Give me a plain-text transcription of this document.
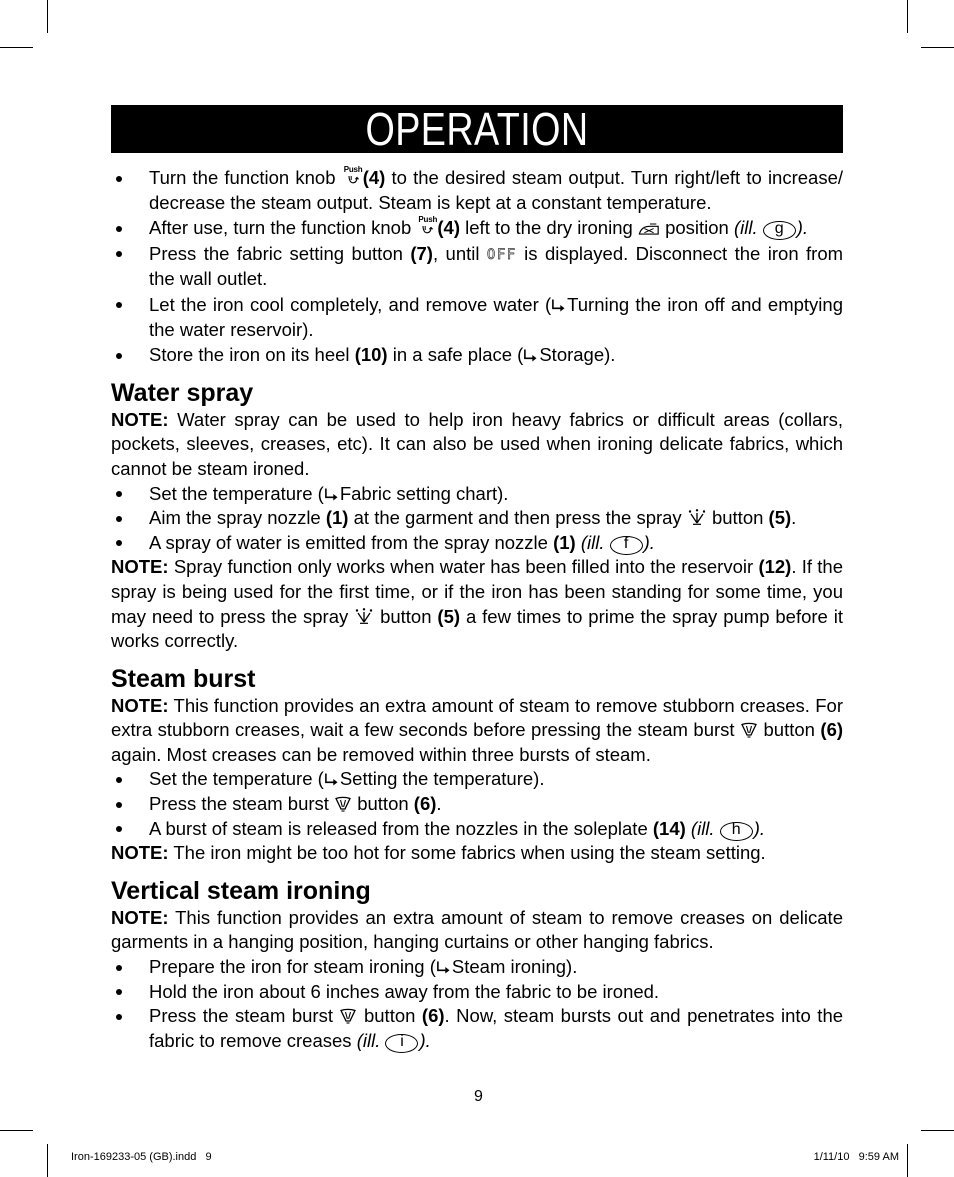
OPERATION
Turn the function knob Push (4) to the desired steam output. Turn right/left to increase/ decrease the steam output. Steam is kept at a constant temperature.
After use, turn the function knob Push (4) left to the dry ironing position (ill. g ).
Press the fabric setting button (7), until OFF is displayed. Disconnect the iron from the wall outlet.
Let the iron cool completely, and remove water ( Turning the iron off and emptying the water reservoir).
Store the iron on its heel (10) in a safe place ( Storage).
Water spray

NOTE: Water spray can be used to help iron heavy fabrics or difficult areas (collars, pockets, sleeves, creases, etc). It can also be used when ironing delicate fabrics, which cannot be steam ironed.

Set the temperature ( Fabric setting chart).
Aim the spray nozzle (1) at the garment and then press the spray button (5).
A spray of water is emitted from the spray nozzle (1) (ill. f ).

NOTE: Spray function only works when water has been filled into the reservoir (12). If the spray is being used for the first time, or if the iron has been standing for some time, you may need to press the spray button (5) a few times to prime the spray pump before it works correctly.

Steam burst

NOTE: This function provides an extra amount of steam to remove stubborn creases. For extra stubborn creases, wait a few seconds before pressing the steam burst button (6) again. Most creases can be removed within three bursts of steam.

Set the temperature ( Setting the temperature).
Press the steam burst button (6).
A burst of steam is released from the nozzles in the soleplate (14) (ill. h ).

NOTE: The iron might be too hot for some fabrics when using the steam setting.

Vertical steam ironing

NOTE: This function provides an extra amount of steam to remove creases on delicate garments in a hanging position, hanging curtains or other hanging fabrics.

Prepare the iron for steam ironing ( Steam ironing).
Hold the iron about 6 inches away from the fabric to be ironed.
Press the steam burst button (6). Now, steam bursts out and penetrates into the fabric to remove creases (ill. i ).
9
Iron-169233-05 (GB).indd   9	1/11/10   9:59 AM
